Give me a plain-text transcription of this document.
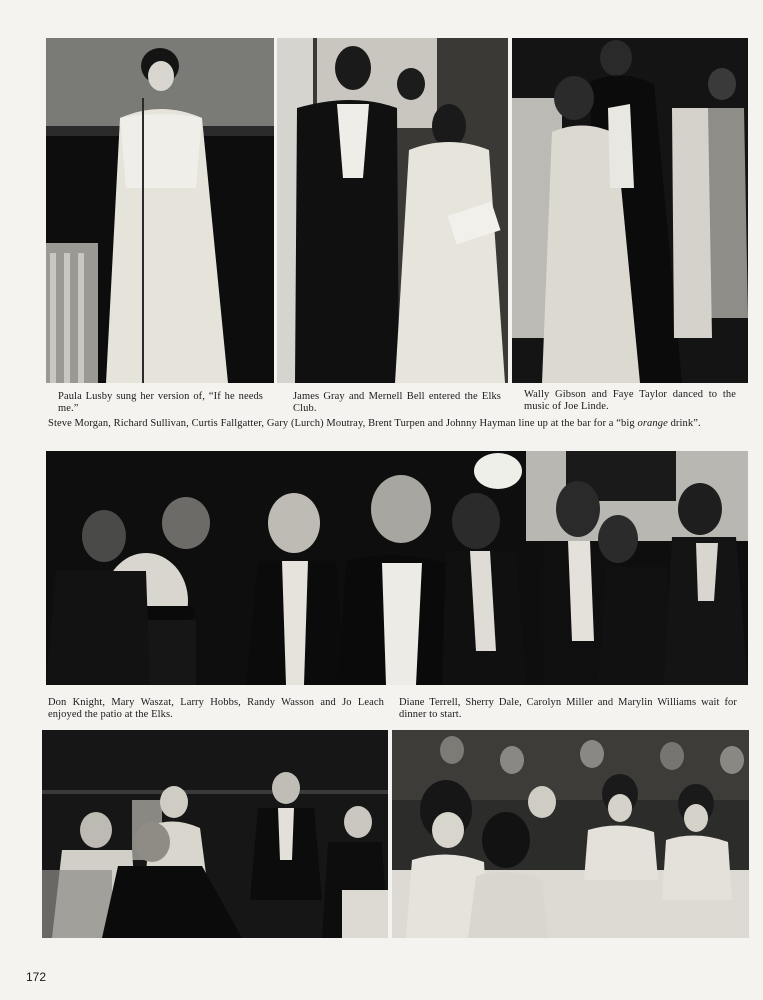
Paula Lusby sung her version of, “If he needs me.”
James Gray and Mernell Bell entered the Elks Club.
Wally Gibson and Faye Taylor danced to the music of Joe Linde.
Steve Morgan, Richard Sullivan, Curtis Fallgatter, Gary (Lurch) Moutray, Brent Turpen and Johnny Hayman line up at the bar for a “big orange drink”.
Don Knight, Mary Waszat, Larry Hobbs, Randy Wasson and Jo Leach enjoyed the patio at the Elks.
Diane Terrell, Sherry Dale, Carolyn Miller and Marylin Williams wait for dinner to start.
172
